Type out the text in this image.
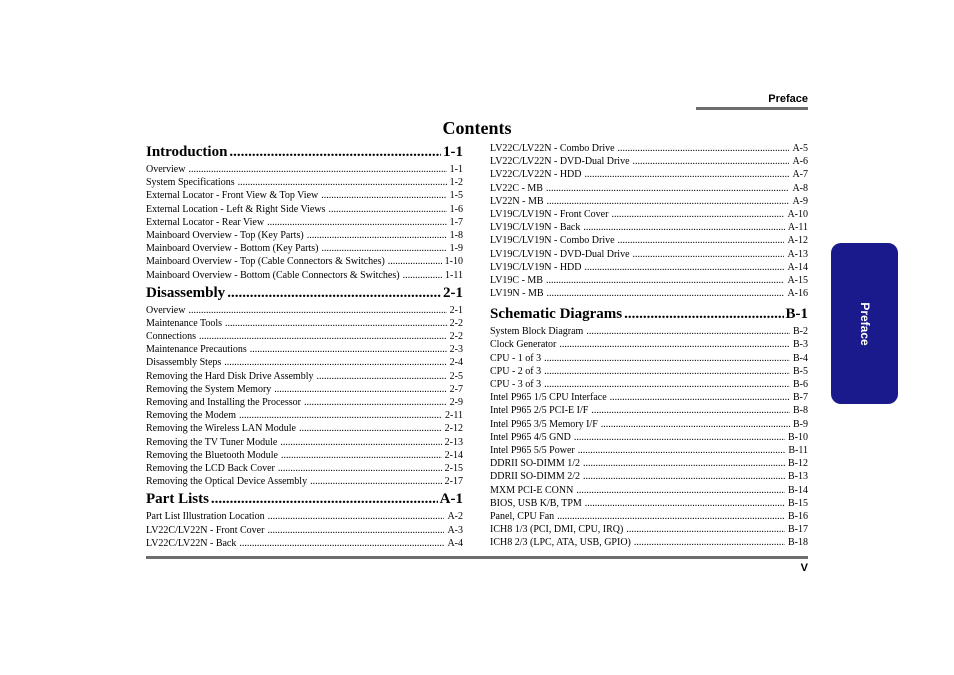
Preface
Contents
Preface
Introduction .....	1-1
Overview .....	1-1
System Specifications .....	1-2
External Locator - Front View & Top View .....	1-5
External Location - Left & Right Side Views .....	1-6
External Locator - Rear View .....	1-7
Mainboard Overview - Top (Key Parts) .....	1-8
Mainboard Overview - Bottom (Key Parts) .....	1-9
Mainboard Overview - Top (Cable Connectors & Switches) .....	1-10
Mainboard Overview - Bottom (Cable Connectors & Switches) .....	1-11
Disassembly .....	2-1
Overview .....	2-1
Maintenance Tools .....	2-2
Connections .....	2-2
Maintenance Precautions .....	2-3
Disassembly Steps .....	2-4
Removing the Hard Disk Drive Assembly .....	2-5
Removing the System Memory .....	2-7
Removing and Installing the Processor .....	2-9
Removing the Modem .....	2-11
Removing the Wireless LAN Module .....	2-12
Removing the TV Tuner Module .....	2-13
Removing the Bluetooth Module .....	2-14
Removing the LCD Back Cover .....	2-15
Removing the Optical Device Assembly .....	2-17
Part Lists .....	A-1
Part List Illustration Location .....	A-2
LV22C/LV22N - Front Cover .....	A-3
LV22C/LV22N - Back .....	A-4
LV22C/LV22N - Combo Drive .....	A-5
LV22C/LV22N - DVD-Dual Drive .....	A-6
LV22C/LV22N - HDD .....	A-7
LV22C - MB .....	A-8
LV22N - MB .....	A-9
LV19C/LV19N - Front Cover .....	A-10
LV19C/LV19N - Back .....	A-11
LV19C/LV19N - Combo Drive .....	A-12
LV19C/LV19N - DVD-Dual Drive .....	A-13
LV19C/LV19N - HDD .....	A-14
LV19C - MB .....	A-15
LV19N - MB .....	A-16
Schematic Diagrams .....	B-1
System Block Diagram .....	B-2
Clock Generator .....	B-3
CPU - 1 of 3 .....	B-4
CPU - 2 of 3 .....	B-5
CPU - 3 of 3 .....	B-6
Intel P965 1/5 CPU Interface .....	B-7
Intel P965 2/5 PCI-E I/F .....	B-8
Intel P965 3/5 Memory I/F .....	B-9
Intel P965 4/5 GND .....	B-10
Intel P965 5/5 Power .....	B-11
DDRII SO-DIMM 1/2 .....	B-12
DDRII SO-DIMM 2/2 .....	B-13
MXM PCI-E CONN .....	B-14
BIOS, USB K/B, TPM .....	B-15
Panel, CPU Fan .....	B-16
ICH8 1/3 (PCI, DMI, CPU, IRQ) .....	B-17
ICH8 2/3 (LPC, ATA, USB, GPIO) .....	B-18
V
